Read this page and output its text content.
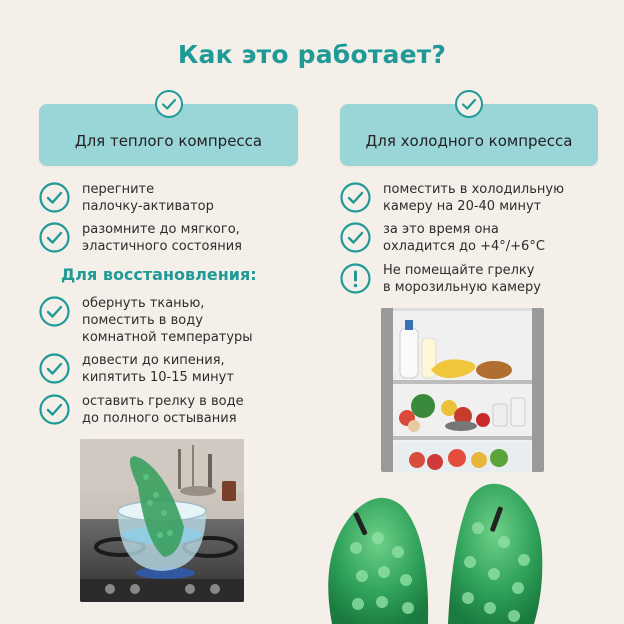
Как это работает?
Для теплого компресса	Для холодного компресса
перегните
палочку-активатор
разомните до мягкого,
эластичного состояния
Для восстановления:
обернуть тканью,
поместить в воду
комнатной температуры
довести до кипения,
кипятить 10-15 минут
оставить грелку в воде
до полного остывания
поместить в холодильную
камеру на 20-40 минут
за это время она
охладится до +4°/+6°С
Не помещайте грелку
в морозильную камеру
